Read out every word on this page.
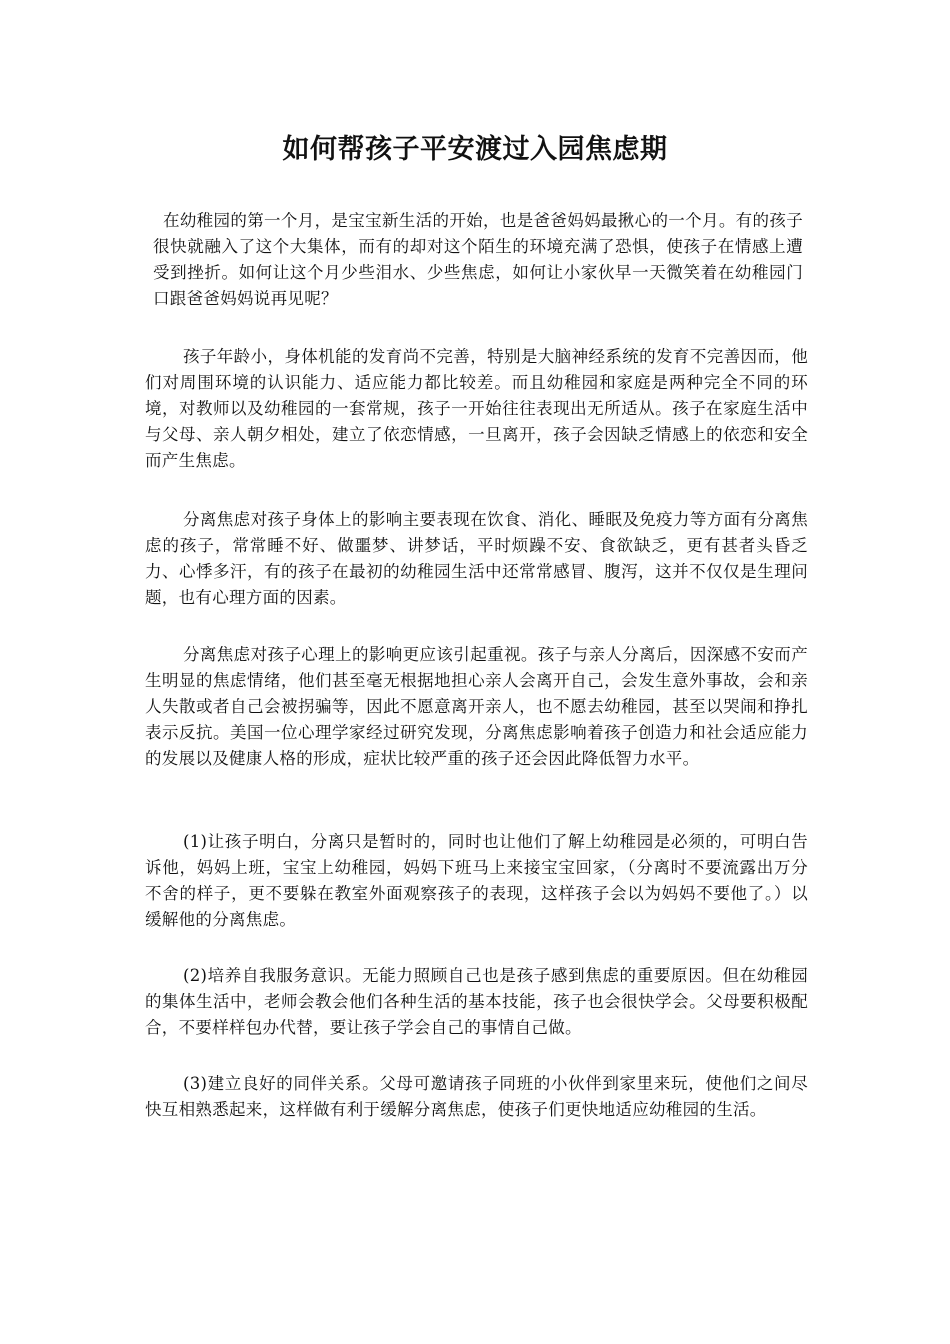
如何帮孩子平安渡过入园焦虑期

在幼稚园的第一个月，是宝宝新生活的开始，也是爸爸妈妈最揪心的一个月。有的孩子很快就融入了这个大集体，而有的却对这个陌生的环境充满了恐惧，使孩子在情感上遭受到挫折。如何让这个月少些泪水、少些焦虑，如何让小家伙早一天微笑着在幼稚园门口跟爸爸妈妈说再见呢？

孩子年龄小，身体机能的发育尚不完善，特别是大脑神经系统的发育不完善因而，他们对周围环境的认识能力、适应能力都比较差。而且幼稚园和家庭是两种完全不同的环境，对教师以及幼稚园的一套常规，孩子一开始往往表现出无所适从。孩子在家庭生活中与父母、亲人朝夕相处，建立了依恋情感，一旦离开，孩子会因缺乏情感上的依恋和安全而产生焦虑。

分离焦虑对孩子身体上的影响主要表现在饮食、消化、睡眠及免疫力等方面有分离焦虑的孩子，常常睡不好、做噩梦、讲梦话，平时烦躁不安、食欲缺乏，更有甚者头昏乏力、心悸多汗，有的孩子在最初的幼稚园生活中还常常感冒、腹泻，这并不仅仅是生理问题，也有心理方面的因素。

分离焦虑对孩子心理上的影响更应该引起重视。孩子与亲人分离后，因深感不安而产生明显的焦虑情绪，他们甚至毫无根据地担心亲人会离开自己，会发生意外事故，会和亲人失散或者自己会被拐骗等，因此不愿意离开亲人，也不愿去幼稚园，甚至以哭闹和挣扎表示反抗。美国一位心理学家经过研究发现，分离焦虑影响着孩子创造力和社会适应能力的发展以及健康人格的形成，症状比较严重的孩子还会因此降低智力水平。

(1)让孩子明白，分离只是暂时的，同时也让他们了解上幼稚园是必须的，可明白告诉他，妈妈上班，宝宝上幼稚园，妈妈下班马上来接宝宝回家，（分离时不要流露出万分不舍的样子，更不要躲在教室外面观察孩子的表现，这样孩子会以为妈妈不要他了。）以缓解他的分离焦虑。

(2)培养自我服务意识。无能力照顾自己也是孩子感到焦虑的重要原因。但在幼稚园的集体生活中，老师会教会他们各种生活的基本技能，孩子也会很快学会。父母要积极配合，不要样样包办代替，要让孩子学会自己的事情自己做。

(3)建立良好的同伴关系。父母可邀请孩子同班的小伙伴到家里来玩，使他们之间尽快互相熟悉起来，这样做有利于缓解分离焦虑，使孩子们更快地适应幼稚园的生活。
